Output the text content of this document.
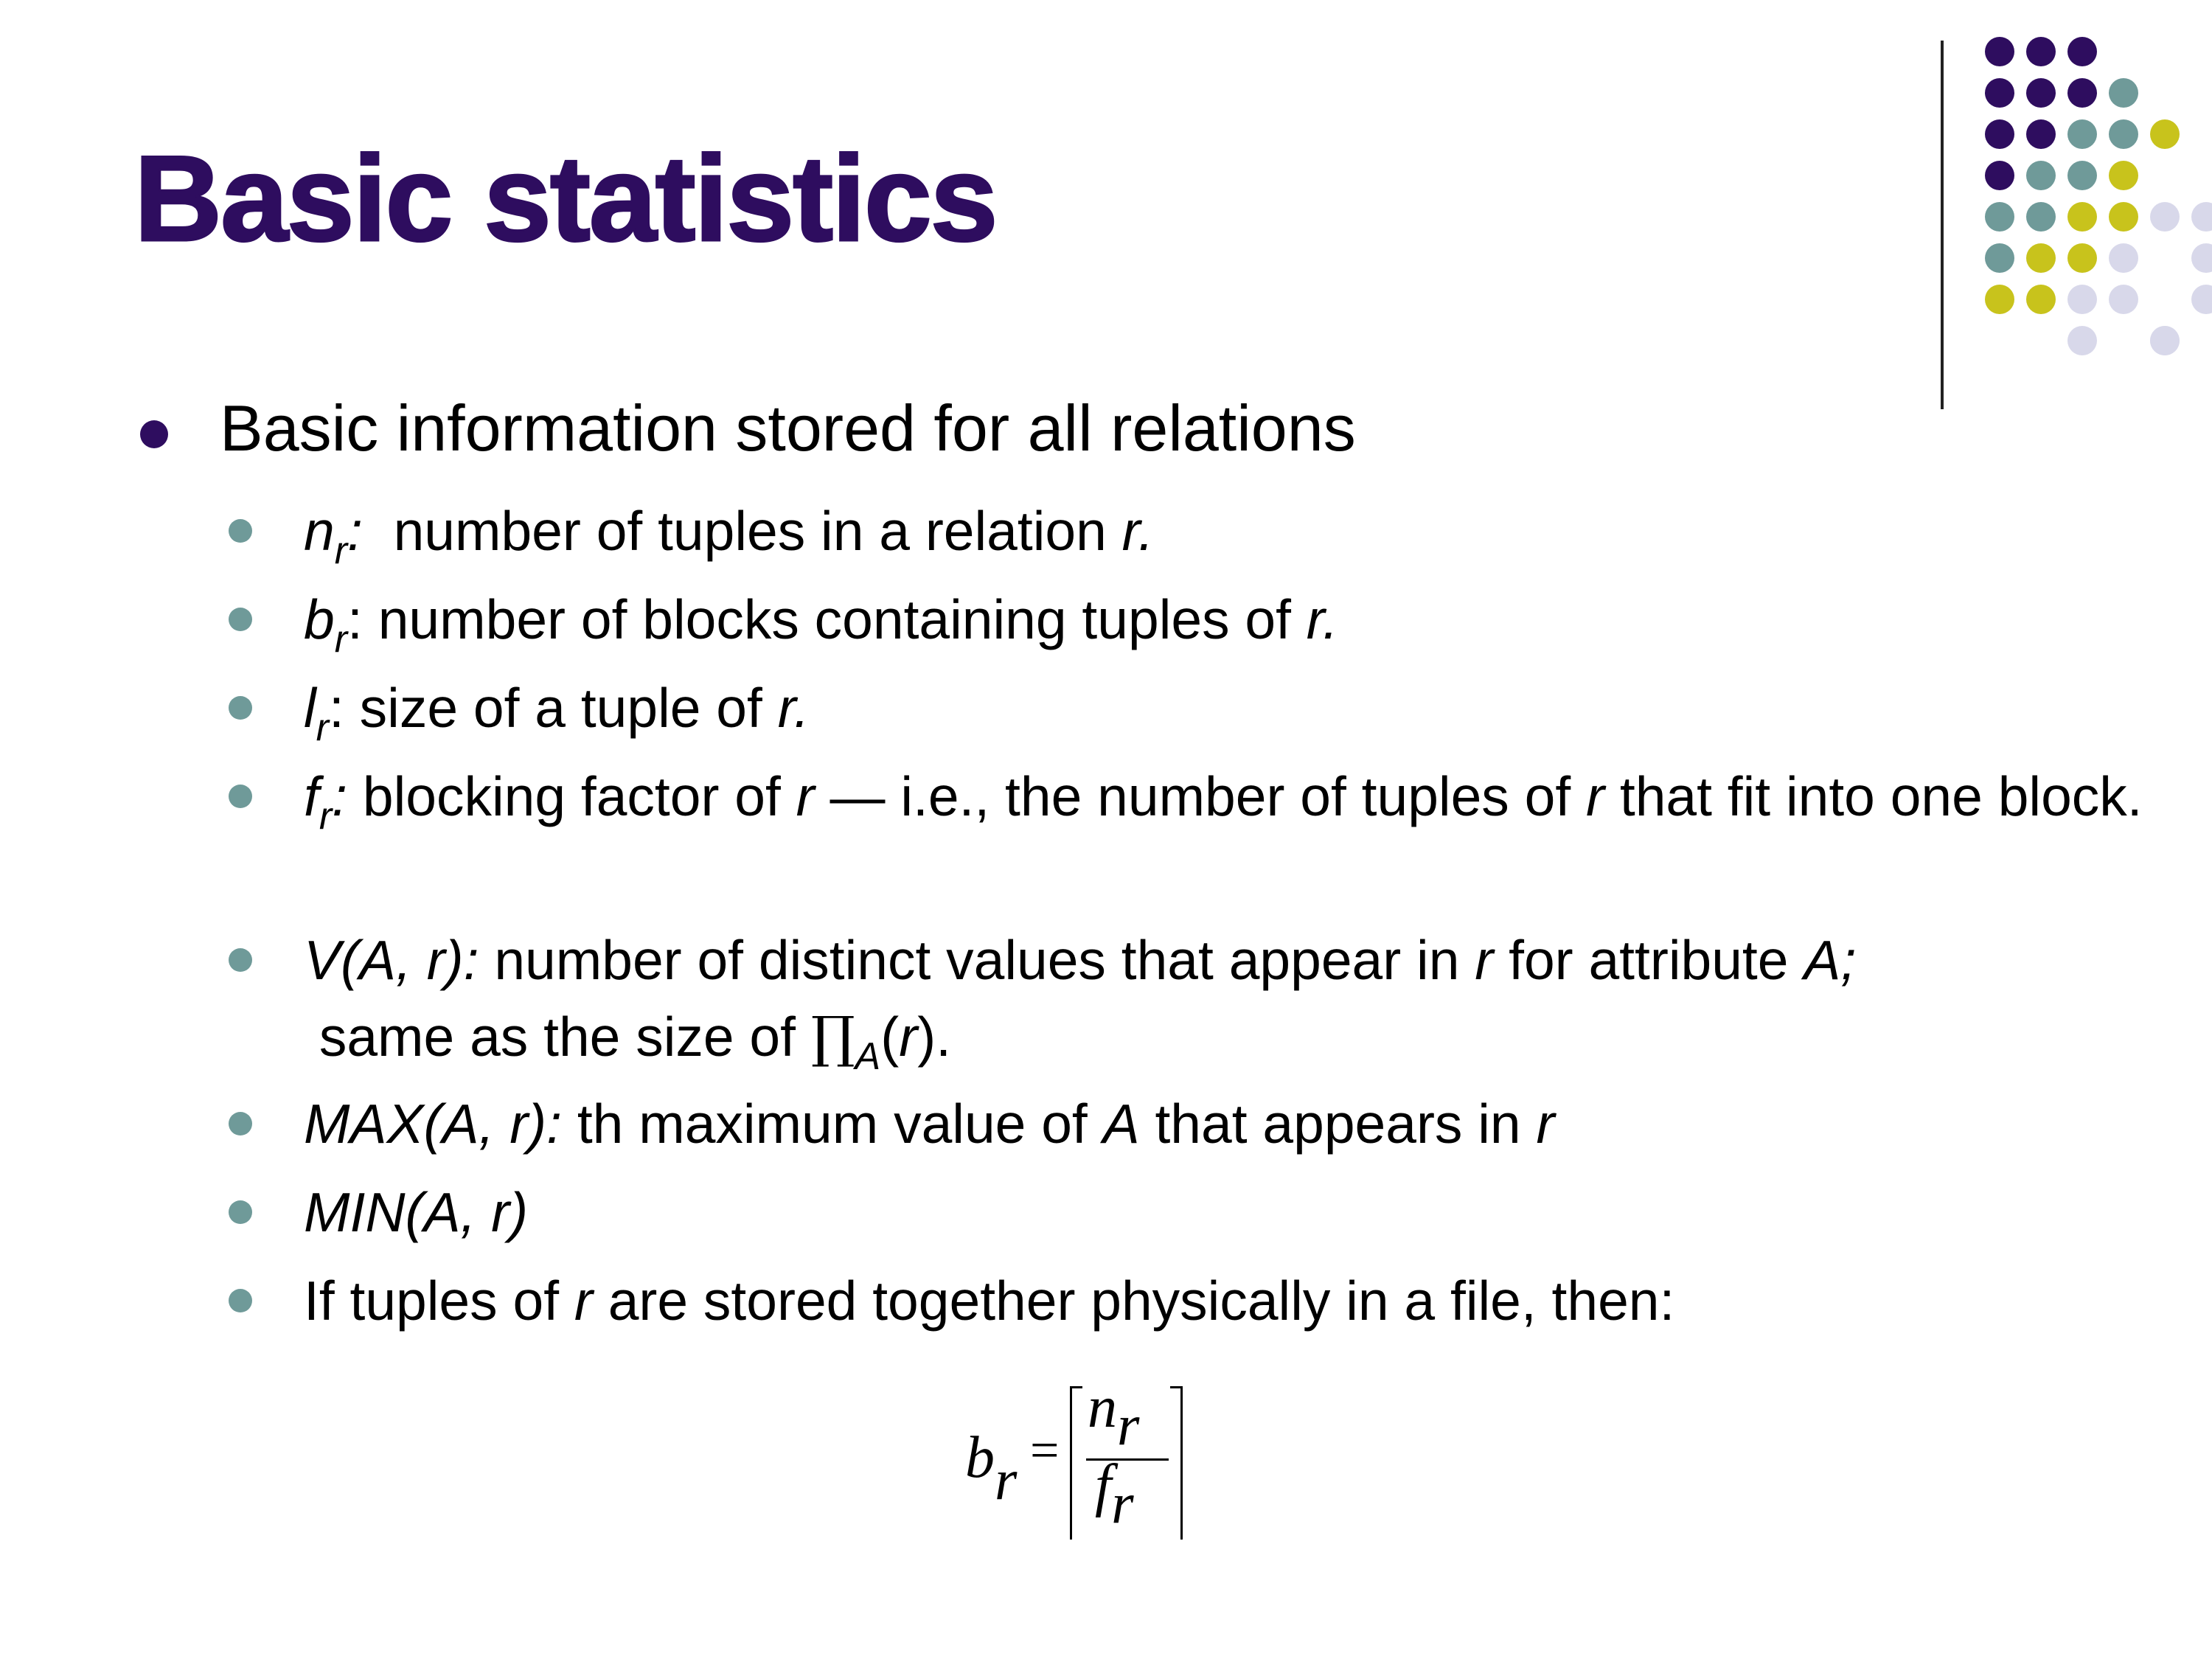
Basic statistics
Basic information stored for all relations
$n_r$:  number of tuples in a relation r.
$b_r$: number of blocks containing tuples of r.
$l_r$: size of a tuple of r.
$f_r$: blocking factor of r — i.e., the number of tuples of r that fit into one block.
V(A, r): number of distinct values that appear in r for attribute A; same as the size of $\prod_A(r)$.
MAX(A, r): th maximum value of A that appears in r
MIN(A, r)
If tuples of r are stored together physically in a file, then:
$b_r$ =
$n_r$
$f_r$
